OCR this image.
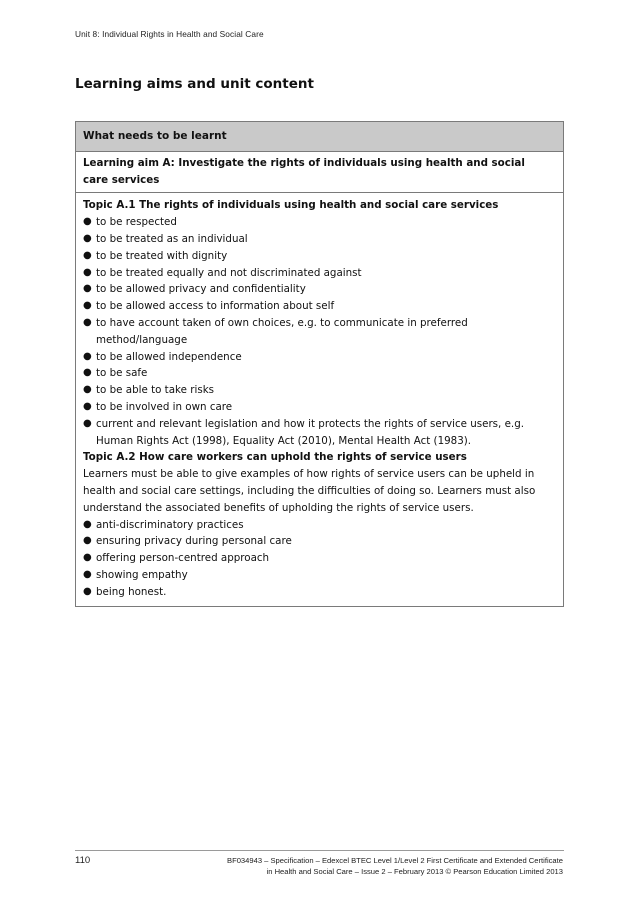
Unit 8: Individual Rights in Health and Social Care
Learning aims and unit content
What needs to be learnt
Learning aim A: Investigate the rights of individuals using health and social care services

Topic A.1 The rights of individuals using health and social care services

● to be respected
● to be treated as an individual
● to be treated with dignity
● to be treated equally and not discriminated against
● to be allowed privacy and confidentiality
● to be allowed access to information about self
● to have account taken of own choices, e.g. to communicate in preferred method/language
● to be allowed independence
● to be safe
● to be able to take risks
● to be involved in own care
● current and relevant legislation and how it protects the rights of service users, e.g. Human Rights Act (1998), Equality Act (2010), Mental Health Act (1983).

Topic A.2 How care workers can uphold the rights of service users

Learners must be able to give examples of how rights of service users can be upheld in health and social care settings, including the difficulties of doing so. Learners must also understand the associated benefits of upholding the rights of service users.

● anti-discriminatory practices
● ensuring privacy during personal care
● offering person-centred approach
● showing empathy
● being honest.
110	BF034943 – Specification – Edexcel BTEC Level 1/Level 2 First Certificate and Extended Certificate
in Health and Social Care – Issue 2 – February 2013 © Pearson Education Limited 2013
